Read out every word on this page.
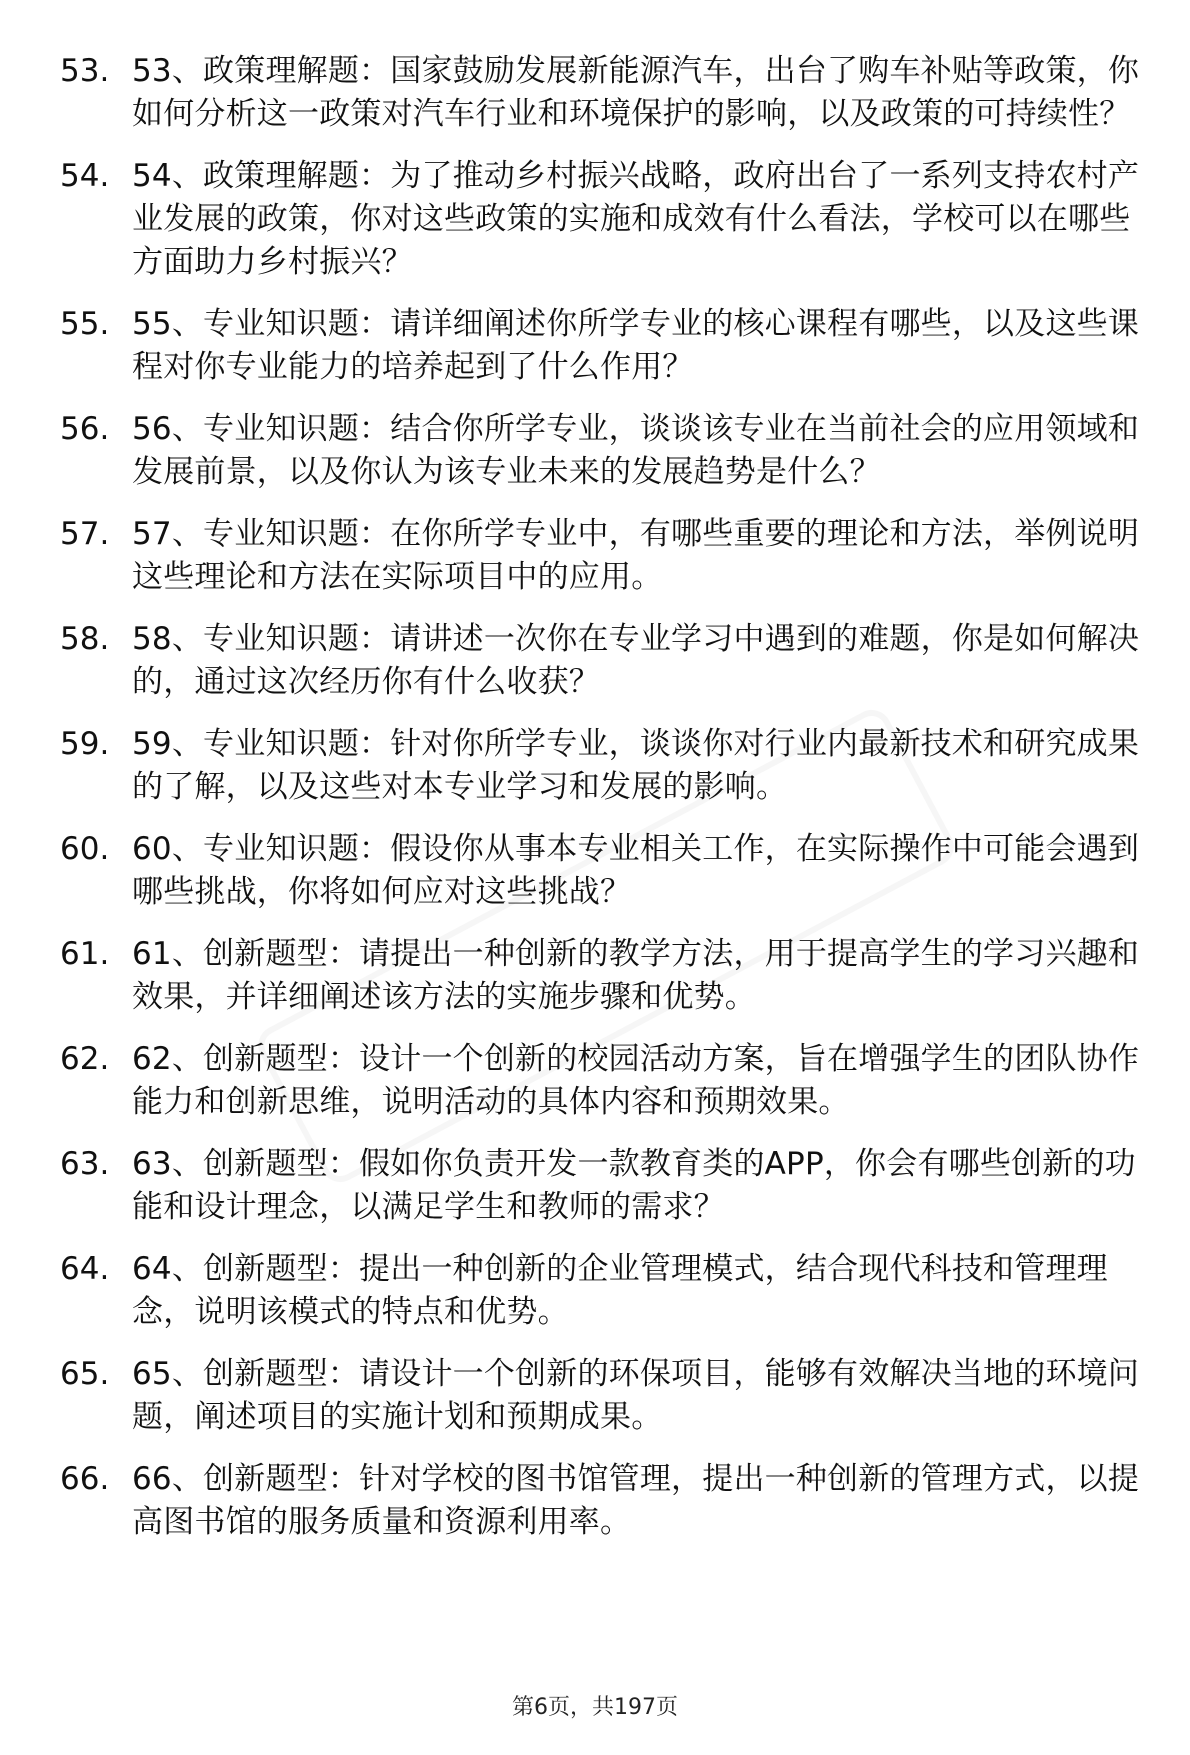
53. 53、政策理解题：国家鼓励发展新能源汽车，出台了购车补贴等政策，你如何分析这一政策对汽车行业和环境保护的影响，以及政策的可持续性？
54. 54、政策理解题：为了推动乡村振兴战略，政府出台了一系列支持农村产业发展的政策，你对这些政策的实施和成效有什么看法，学校可以在哪些方面助力乡村振兴？
55. 55、专业知识题：请详细阐述你所学专业的核心课程有哪些，以及这些课程对你专业能力的培养起到了什么作用？
56. 56、专业知识题：结合你所学专业，谈谈该专业在当前社会的应用领域和发展前景，以及你认为该专业未来的发展趋势是什么？
57. 57、专业知识题：在你所学专业中，有哪些重要的理论和方法，举例说明这些理论和方法在实际项目中的应用。
58. 58、专业知识题：请讲述一次你在专业学习中遇到的难题，你是如何解决的，通过这次经历你有什么收获？
59. 59、专业知识题：针对你所学专业，谈谈你对行业内最新技术和研究成果的了解，以及这些对本专业学习和发展的影响。
60. 60、专业知识题：假设你从事本专业相关工作，在实际操作中可能会遇到哪些挑战，你将如何应对这些挑战？
61. 61、创新题型：请提出一种创新的教学方法，用于提高学生的学习兴趣和效果，并详细阐述该方法的实施步骤和优势。
62. 62、创新题型：设计一个创新的校园活动方案，旨在增强学生的团队协作能力和创新思维，说明活动的具体内容和预期效果。
63. 63、创新题型：假如你负责开发一款教育类的APP，你会有哪些创新的功能和设计理念，以满足学生和教师的需求？
64. 64、创新题型：提出一种创新的企业管理模式，结合现代科技和管理理念，说明该模式的特点和优势。
65. 65、创新题型：请设计一个创新的环保项目，能够有效解决当地的环境问题，阐述项目的实施计划和预期成果。
66. 66、创新题型：针对学校的图书馆管理，提出一种创新的管理方式，以提高图书馆的服务质量和资源利用率。
第6页，共197页
